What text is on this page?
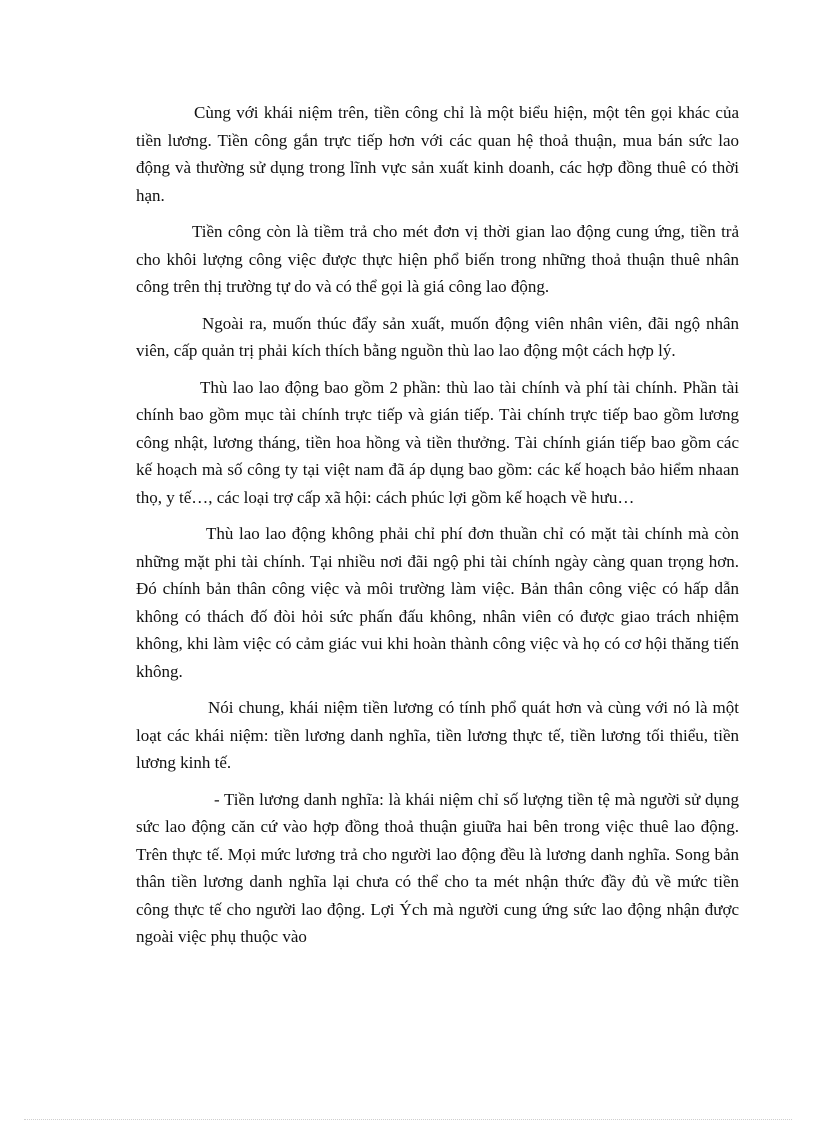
Cùng với khái niệm trên, tiền công chỉ là một biểu hiện, một tên gọi khác của tiền lương. Tiền công gắn trực tiếp hơn với các quan hệ thoả thuận, mua bán sức lao động và thường sử dụng trong lĩnh vực sản xuất kinh doanh, các hợp đồng thuê có thời hạn.

Tiền công còn là tiềm trả cho mét đơn vị thời gian lao động cung ứng, tiền trả cho khôi lượng công việc được thực hiện phổ biến trong những thoả thuận thuê nhân công trên thị trường tự do và có thể gọi là giá công lao động.

Ngoài ra, muốn thúc đẩy sản xuất, muốn động viên nhân viên, đãi ngộ nhân viên, cấp quản trị phải kích thích bằng nguồn thù lao lao động một cách hợp lý.

Thù lao lao động bao gồm 2 phần: thù lao tài chính và phí tài chính. Phần tài chính bao gồm mục tài chính trực tiếp và gián tiếp. Tài chính trực tiếp bao gồm lương công nhật, lương tháng, tiền hoa hồng và tiền thưởng. Tài chính gián tiếp bao gồm các kế hoạch mà số công ty tại việt nam đã áp dụng bao gồm: các kế hoạch bảo hiểm nhaan thọ, y tế…, các loại trợ cấp xã hội: cách phúc lợi gồm kế hoạch về hưu…

Thù lao lao động không phải chỉ phí đơn thuần chỉ có mặt tài chính mà còn những mặt phi tài chính. Tại nhiều nơi đãi ngộ phi tài chính ngày càng quan trọng hơn. Đó chính bản thân công việc và môi trường làm việc. Bản thân công việc có hấp dẫn không có thách đố đòi hỏi sức phấn đấu không, nhân viên có được giao trách nhiệm không, khi làm việc có cảm giác vui khi hoàn thành công việc và họ có cơ hội thăng tiến không.

Nói chung, khái niệm tiền lương có tính phổ quát hơn và cùng với nó là một loạt các khái niệm: tiền lương danh nghĩa, tiền lương thực tế, tiền lương tối thiểu, tiền lương kinh tế.

- Tiền lương danh nghĩa: là khái niệm chỉ số lượng tiền tệ mà người sử dụng sức lao động căn cứ vào hợp đồng thoả thuận giuữa hai bên trong việc thuê lao động. Trên thực tế. Mọi mức lương trả cho người lao động đều là lương danh nghĩa. Song bản thân tiền lương danh nghĩa lại chưa có thể cho ta mét nhận thức đầy đủ về mức tiền công thực tế cho người lao động. Lợi Ých mà người cung ứng sức lao động nhận được ngoài việc phụ thuộc vào
